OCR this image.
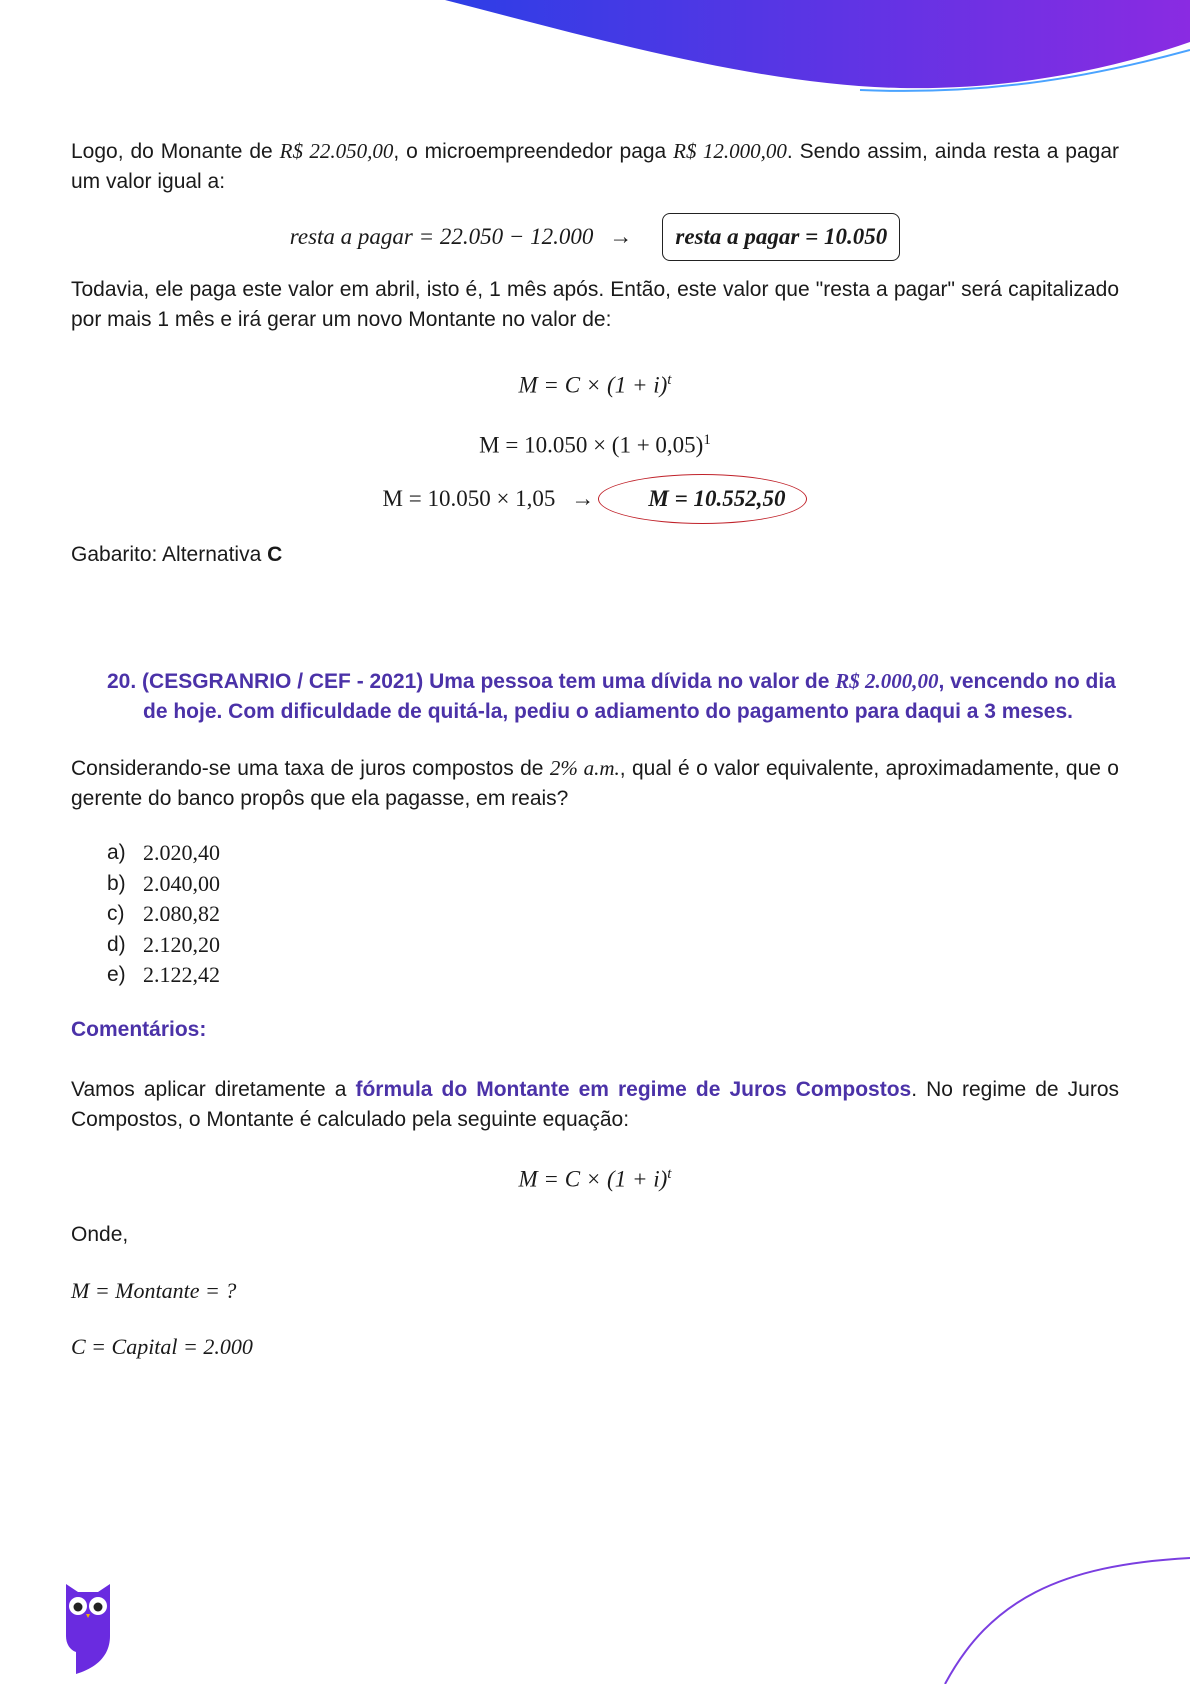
Logo, do Monante de R$ 22.050,00, o microempreendedor paga R$ 12.000,00. Sendo assim, ainda resta a pagar um valor igual a:

resta a pagar = 22.050 − 12.000 →	resta a pagar = 10.050

Todavia, ele paga este valor em abril, isto é, 1 mês após. Então, este valor que "resta a pagar" será capitalizado por mais 1 mês e irá gerar um novo Montante no valor de:

$M = C \times (1 + i)^t$
$M = 10.050 \times (1 + 0,05)^1$
M = 10.050 × 1,05 →	M = 10.552,50

Gabarito: Alternativa C

20. (CESGRANRIO / CEF - 2021) Uma pessoa tem uma dívida no valor de R$ 2.000,00, vencendo no dia de hoje. Com dificuldade de quitá-la, pediu o adiamento do pagamento para daqui a 3 meses.

Considerando-se uma taxa de juros compostos de 2% a.m., qual é o valor equivalente, aproximadamente, que o gerente do banco propôs que ela pagasse, em reais?

a) 2.020,40
b) 2.040,00
c) 2.080,82
d) 2.120,20
e) 2.122,42

Comentários:

Vamos aplicar diretamente a fórmula do Montante em regime de Juros Compostos. No regime de Juros Compostos, o Montante é calculado pela seguinte equação:

$M = C \times (1 + i)^t$

Onde,

M = Montante = ?

C = Capital = 2.000
